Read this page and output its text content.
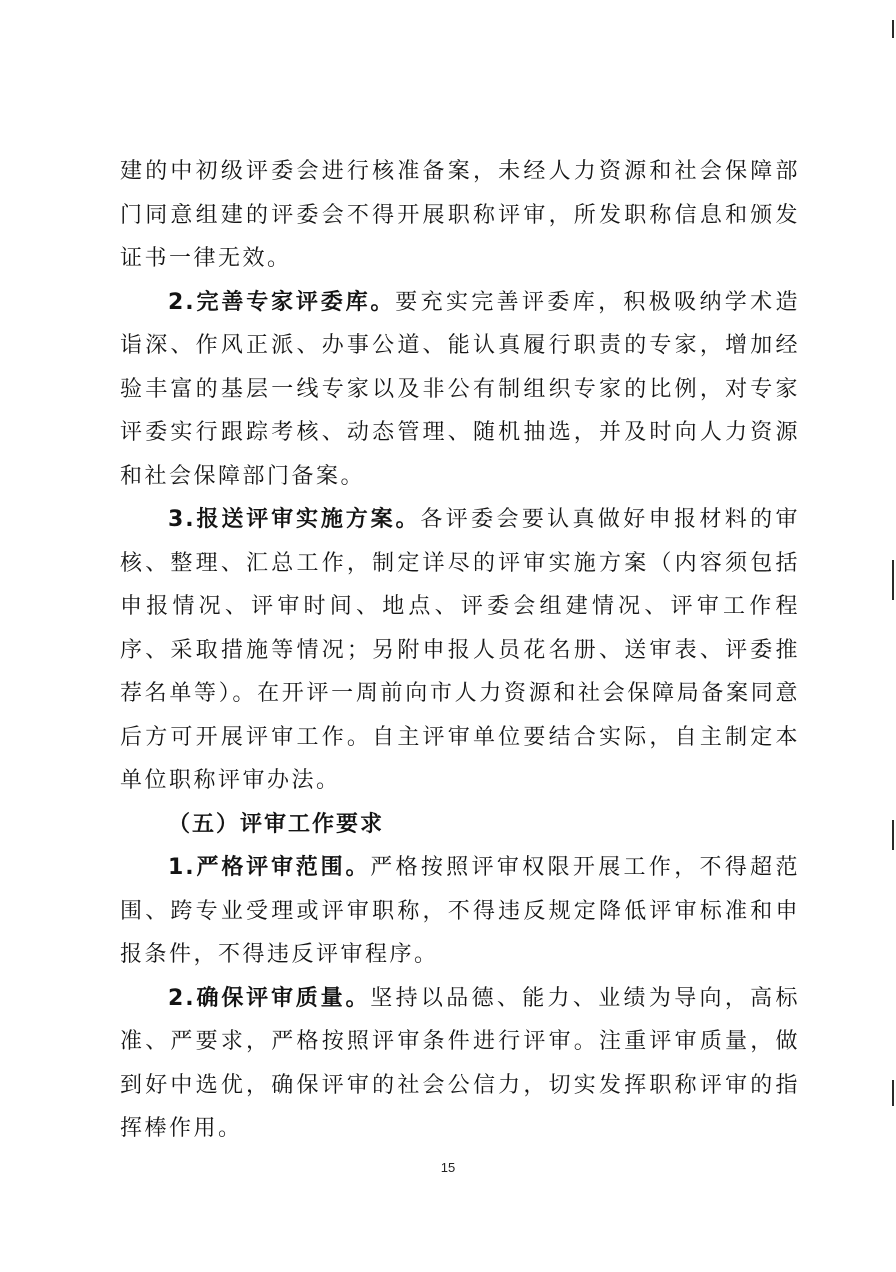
建的中初级评委会进行核准备案，未经人力资源和社会保障部门同意组建的评委会不得开展职称评审，所发职称信息和颁发证书一律无效。

2.完善专家评委库。要充实完善评委库，积极吸纳学术造诣深、作风正派、办事公道、能认真履行职责的专家，增加经验丰富的基层一线专家以及非公有制组织专家的比例，对专家评委实行跟踪考核、动态管理、随机抽选，并及时向人力资源和社会保障部门备案。

3.报送评审实施方案。各评委会要认真做好申报材料的审核、整理、汇总工作，制定详尽的评审实施方案（内容须包括申报情况、评审时间、地点、评委会组建情况、评审工作程序、采取措施等情况；另附申报人员花名册、送审表、评委推荐名单等）。在开评一周前向市人力资源和社会保障局备案同意后方可开展评审工作。自主评审单位要结合实际，自主制定本单位职称评审办法。

（五）评审工作要求

1.严格评审范围。严格按照评审权限开展工作，不得超范围、跨专业受理或评审职称，不得违反规定降低评审标准和申报条件，不得违反评审程序。

2.确保评审质量。坚持以品德、能力、业绩为导向，高标准、严要求，严格按照评审条件进行评审。注重评审质量，做到好中选优，确保评审的社会公信力，切实发挥职称评审的指挥棒作用。

15
